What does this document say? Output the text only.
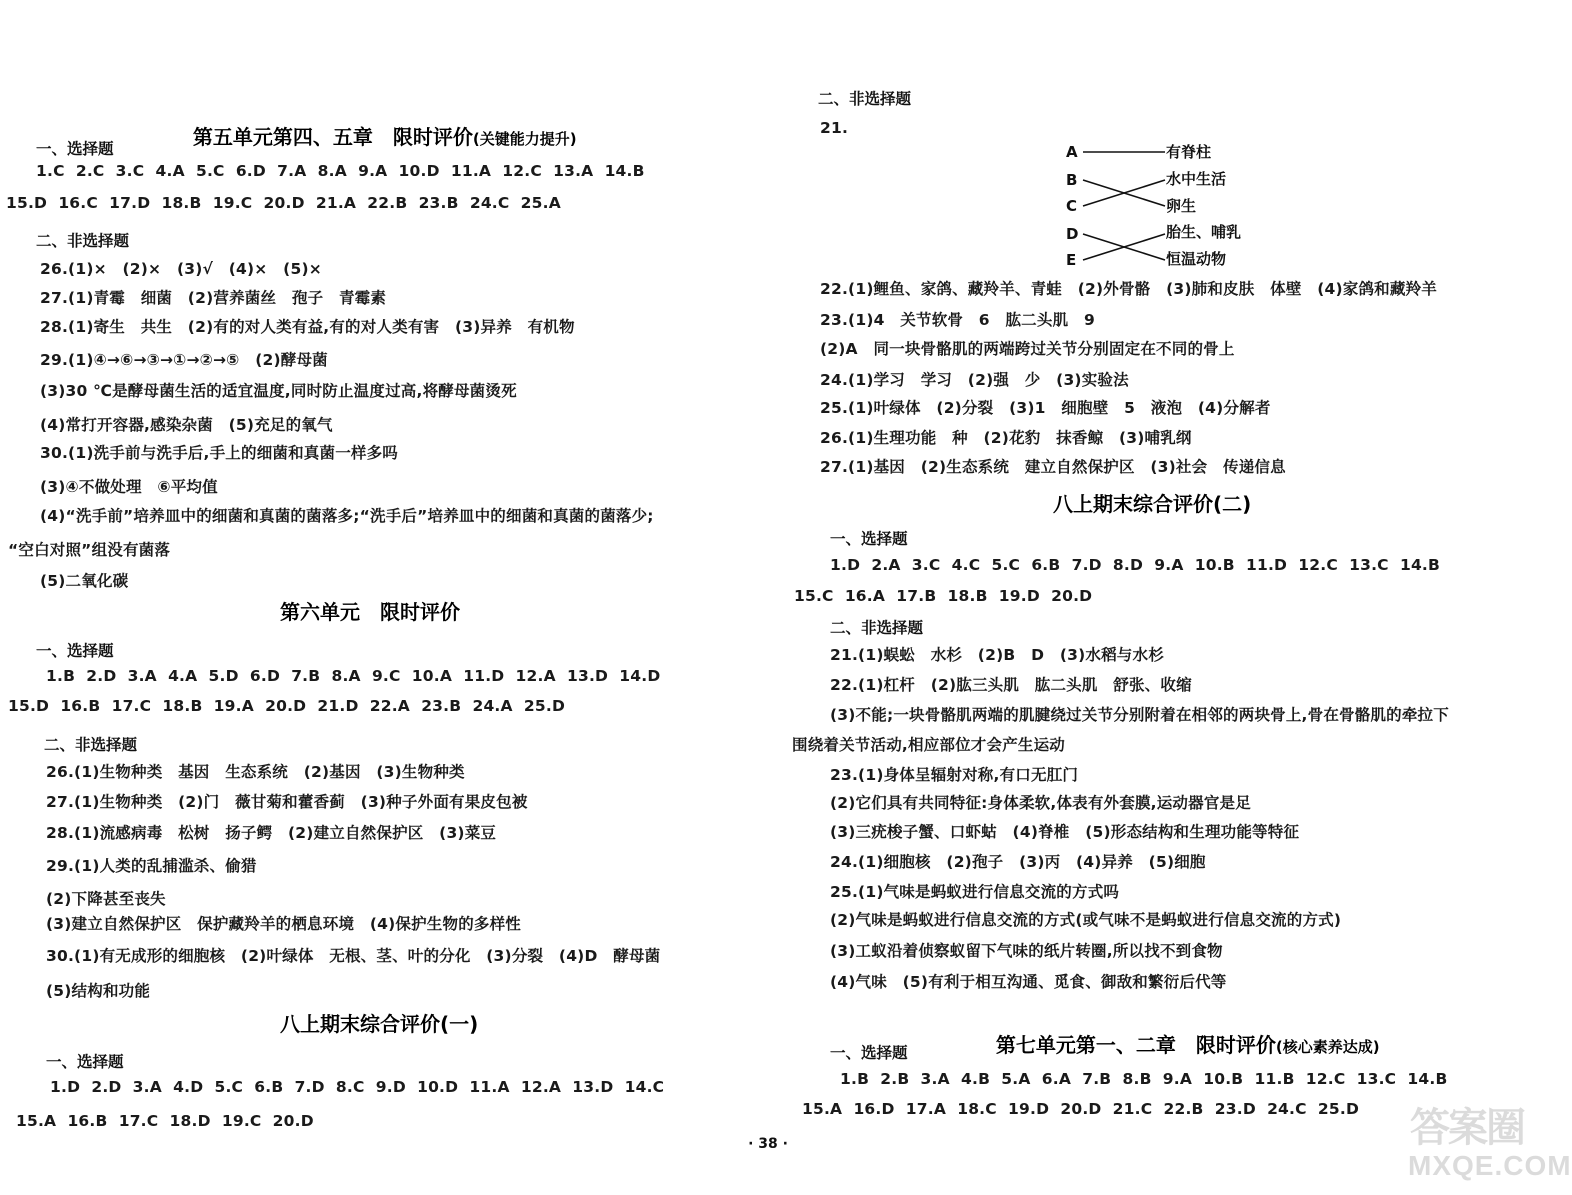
第五单元第四、五章　限时评价(关键能力提升)

一、选择题
1.C  2.C  3.C  4.A  5.C  6.D  7.A  8.A  9.A  10.D  11.A  12.C  13.A  14.B
15.D  16.C  17.D  18.B  19.C  20.D  21.A  22.B  23.B  24.C  25.A
二、非选择题
26.(1)×　(2)×　(3)√　(4)×　(5)×
27.(1)青霉　细菌　(2)营养菌丝　孢子　青霉素
28.(1)寄生　共生　(2)有的对人类有益,有的对人类有害　(3)异养　有机物
29.(1)④→⑥→③→①→②→⑤　(2)酵母菌
(3)30 ℃是酵母菌生活的适宜温度,同时防止温度过高,将酵母菌烫死
(4)常打开容器,感染杂菌　(5)充足的氧气
30.(1)洗手前与洗手后,手上的细菌和真菌一样多吗
(3)④不做处理　⑥平均值
(4)“洗手前”培养皿中的细菌和真菌的菌落多;“洗手后”培养皿中的细菌和真菌的菌落少;
“空白对照”组没有菌落
(5)二氧化碳
第六单元　限时评价
一、选择题
1.B  2.D  3.A  4.A  5.D  6.D  7.B  8.A  9.C  10.A  11.D  12.A  13.D  14.D
15.D  16.B  17.C  18.B  19.A  20.D  21.D  22.A  23.B  24.A  25.D
二、非选择题
26.(1)生物种类　基因　生态系统　(2)基因　(3)生物种类
27.(1)生物种类　(2)门　薇甘菊和藿香蓟　(3)种子外面有果皮包被
28.(1)流感病毒　松树　扬子鳄　(2)建立自然保护区　(3)菜豆
29.(1)人类的乱捕滥杀、偷猎
(2)下降甚至丧失
(3)建立自然保护区　保护藏羚羊的栖息环境　(4)保护生物的多样性
30.(1)有无成形的细胞核　(2)叶绿体　无根、茎、叶的分化　(3)分裂　(4)D　酵母菌
(5)结构和功能
八上期末综合评价(一)
一、选择题
1.D  2.D  3.A  4.D  5.C  6.B  7.D  8.C  9.D  10.D  11.A  12.A  13.D  14.C
15.A  16.B  17.C  18.D  19.C  20.D
二、非选择题
21.
A
B
C
D
E
有脊柱
水中生活
卵生
胎生、哺乳
恒温动物
22.(1)鲤鱼、家鸽、藏羚羊、青蛙　(2)外骨骼　(3)肺和皮肤　体壁　(4)家鸽和藏羚羊
23.(1)4　关节软骨　6　肱二头肌　9
(2)A　同一块骨骼肌的两端跨过关节分别固定在不同的骨上
24.(1)学习　学习　(2)强　少　(3)实验法
25.(1)叶绿体　(2)分裂　(3)1　细胞壁　5　液泡　(4)分解者
26.(1)生理功能　种　(2)花豹　抹香鲸　(3)哺乳纲
27.(1)基因　(2)生态系统　建立自然保护区　(3)社会　传递信息
八上期末综合评价(二)
一、选择题
1.D  2.A  3.C  4.C  5.C  6.B  7.D  8.D  9.A  10.B  11.D  12.C  13.C  14.B
15.C  16.A  17.B  18.B  19.D  20.D
二、非选择题
21.(1)蜈蚣　水杉　(2)B　D　(3)水稻与水杉
22.(1)杠杆　(2)肱三头肌　肱二头肌　舒张、收缩
(3)不能;一块骨骼肌两端的肌腱绕过关节分别附着在相邻的两块骨上,骨在骨骼肌的牵拉下
围绕着关节活动,相应部位才会产生运动
23.(1)身体呈辐射对称,有口无肛门
(2)它们具有共同特征:身体柔软,体表有外套膜,运动器官是足
(3)三疣梭子蟹、口虾蛄　(4)脊椎　(5)形态结构和生理功能等特征
24.(1)细胞核　(2)孢子　(3)丙　(4)异养　(5)细胞
25.(1)气味是蚂蚁进行信息交流的方式吗
(2)气味是蚂蚁进行信息交流的方式(或气味不是蚂蚁进行信息交流的方式)
(3)工蚁沿着侦察蚁留下气味的纸片转圈,所以找不到食物
(4)气味　(5)有利于相互沟通、觅食、御敌和繁衍后代等

第七单元第一、二章　限时评价(核心素养达成)

一、选择题
1.B  2.B  3.A  4.B  5.A  6.A  7.B  8.B  9.A  10.B  11.B  12.C  13.C  14.B
15.A  16.D  17.A  18.C  19.D  20.D  21.C  22.B  23.D  24.C  25.D
· 38 ·	答案圈
MXQE.COM
